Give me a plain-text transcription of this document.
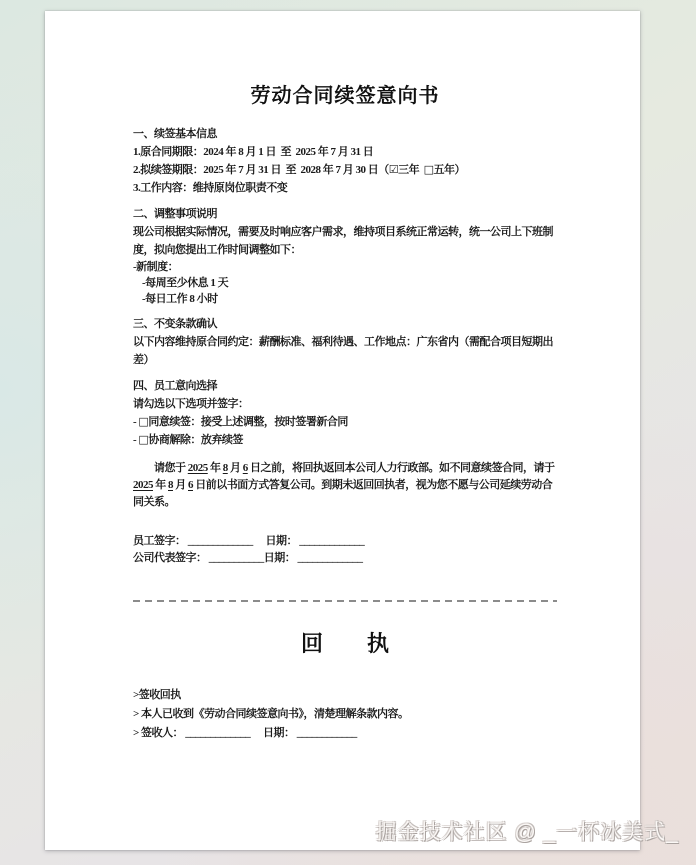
劳动合同续签意向书

一、续签基本信息

1.原合同期限：2024 年 8 月 1 日  至  2025 年 7 月 31 日

2.拟续签期限：2025 年 7 月 31 日  至  2028 年 7 月 30 日（☑三年  □五年）

3.工作内容：维持原岗位职责不变

二、调整事项说明

现公司根据实际情况，需要及时响应客户需求，维持项目系统正常运转，统一公司上下班制度，拟向您提出工作时间调整如下：

-新制度：

-每周至少休息 1 天

-每日工作 8 小时

三、不变条款确认

以下内容维持原合同约定：薪酬标准、福利待遇、工作地点：广东省内（需配合项目短期出差）

四、员工意向选择

请勾选以下选项并签字：

- □同意续签：接受上述调整，按时签署新合同

- □协商解除：放弃续签

请您于 2025 年 8 月 6 日之前，将回执返回本公司人力行政部。如不同意续签合同，请于 2025 年 8 月 6 日前以书面方式答复公司。到期未返回回执者，视为您不愿与公司延续劳动合同关系。

员工签字： _____________ 　日期： _____________

公司代表签字： ___________日期： _____________

回　　执

>签收回执

> 本人已收到《劳动合同续签意向书》，清楚理解条款内容。

> 签收人： _____________ 　日期： ____________

掘金技术社区 @ _一杯冰美式_
